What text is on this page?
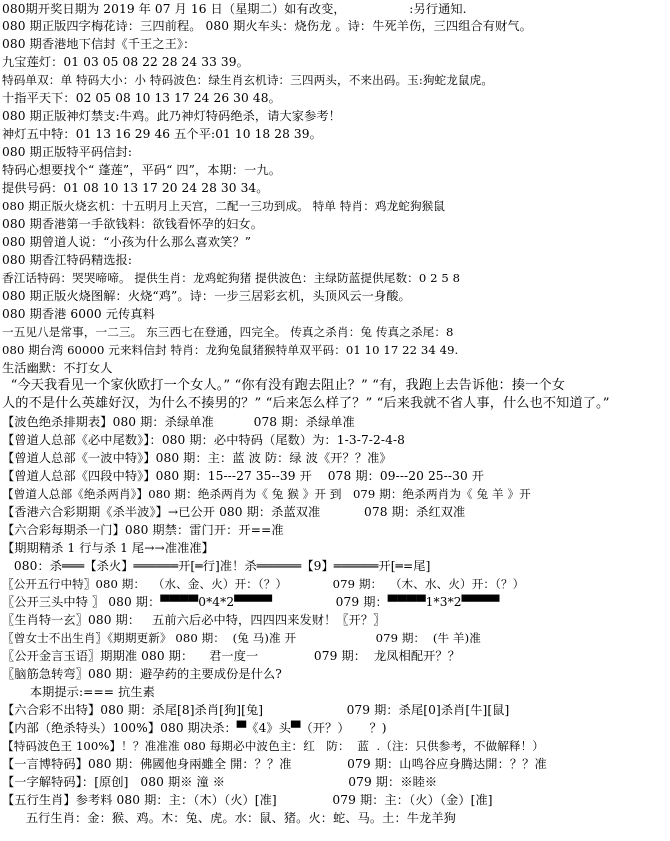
080期开奖日期为 2019 年 07 月 16 日（星期二）如有改变，                :另行通知.
080 期正版四字梅花诗：三四前程。 080 期火车头：烧伤龙 。诗：牛死羊伤，三四组合有财气。
080 期香港地下信封《千王之王》：
九宝莲灯：01 03 05 08 22 28 24 33 39。
特码单双：单 特码大小：小 特码波色：绿生肖玄机诗：三四两头，不来出码。玉:狗蛇龙鼠虎。
十指平天下：02 05 08 10 13 17 24 26 30 48。
080 期正版神灯禁支:牛鸡。此乃神灯特码绝杀，请大家参考！
神灯五中特：01 13 16 29 46 五个平:01 10 18 28 39。
080 期正版特平码信封:
特码心想要找个“ 蓬莲”，平码“ 四”，本期：一九。
提供号码：01 08 10 13 17 20 24 28 30 34。
080 期正版火烧玄机：十五明月上天宫，二配一三功到成。 特单 特肖：鸡龙蛇狗猴鼠
080 期香港第一手欲钱料：欲钱看怀孕的妇女。
080 期曾道人说：“小孩为什么那么喜欢笑？”
080 期香江特码精选报:
香江话特码：哭哭啼啼。 提供生肖：龙鸡蛇狗猪 提供波色：主绿防蓝提供尾数：0 2 5 8
080 期正版火烧图解：火烧“鸡”。诗：一步三居彩玄机，头顶风云一身酸。
080 期香港 6000 元传真料
一五见八是常事，一二三。 东三西七在登通，四完全。 传真之杀肖：兔 传真之杀尾：8
080 期台湾 60000 元来料信封 特肖：龙狗兔鼠猪猴特单双平码：01 10 17 22 34 49.
生活幽默：不打女人
“今天我看见一个家伙欧打一个女人。” “你有没有跑去阻止？” “有，我跑上去告诉他：揍一个女
人的不是什么英雄好汉，为什么不揍男的？” “后来怎么样了？” “后来我就不省人事，什么也不知道了。”
【波色绝杀排期表】080 期：杀绿单准          078 期：杀绿单准
【曾道人总部《必中尾数》】：080 期：必中特码（尾数）为：1-3-7-2-4-8
【曾道人总部《一波中特》】080 期：主：蓝 波 防：绿 波《开？？准》
【曾道人总部《四段中特》】080 期：15---27 35--39 开    078 期：09---20 25--30 开
【曾道人总部《绝杀两肖》】080 期：绝杀两肖为《 兔 猴 》开 到   079 期：绝杀两肖为《 兔 羊 》开
【香港六合彩期期《杀半波》】→已公开 080 期：杀蓝双准           078 期：杀红双准
【六合彩每期杀一门】080 期禁：雷门开：开==准
【期期精杀 1 行与杀 1 尾→→准准准】
080：杀═══【杀火】══════开[═行]准！杀══════【9】══════开[═=尾]
〖公开五行中特〗080 期：  （水、金、火）开：（？）            079 期：  （木、水、火）开：（？）
〖公开三头中特 〗 080 期：▀▀▀▀0*4*2▀▀▀▀                079 期：▀▀▀▀1*3*2▀▀▀▀
〖生肖特一玄〗080 期：   五前六后必中特，四四四来发财！〖开？〗
〖曾女士不出生肖〗《期期更新》 080 期：  (兔 马)准 开                     079 期：  (牛 羊)准
〖公开金言玉语〗期期准 080 期：    君一度一              079 期：  龙凤相配开？？
〖脑筋急转弯〗080 期：避孕药的主要成份是什么?
本期提示:=== 抗生素
【六合彩不出特】080 期：杀尾[8]杀肖[狗][兔]                     079 期：杀尾[0]杀肖[牛][鼠]
【内部（绝杀特头）100%】080 期决杀：▀《4》头▀（开？）     ？)
【特码波色王 100%】！？准准准 080 每期必中波色主：红   防：  蓝  .（注：只供参考，不做解释！）
【一言博特码】080 期：佛國他身兩雖全 開：？？准              079 期：山鸣谷应身腾达開：？？准
【一字解特码】：[原创]   080 期※ 潼 ※                               079 期：※睦※
【五行生肖】参考料 080 期：主：（木）（火）[准]              079 期：主：（火）（金）[准]
五行生肖：金：猴、鸡。木：兔、虎。水：鼠、猪。火：蛇、马。土：牛龙羊狗
